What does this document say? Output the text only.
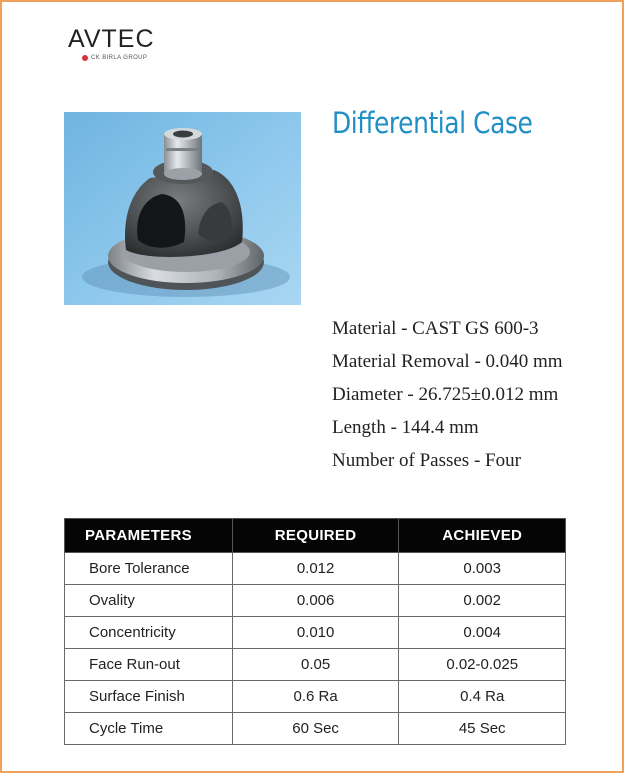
AVTEC
CK BIRLA GROUP
Differential Case
Material - CAST GS 600-3
Material Removal - 0.040 mm
Diameter - 26.725±0.012 mm
Length - 144.4 mm
Number of Passes - Four
PARAMETERS	REQUIRED	ACHIEVED
Bore Tolerance	0.012	0.003
Ovality	0.006	0.002
Concentricity	0.010	0.004
Face Run-out	0.05	0.02-0.025
Surface Finish	0.6 Ra	0.4 Ra
Cycle Time	60 Sec	45 Sec
